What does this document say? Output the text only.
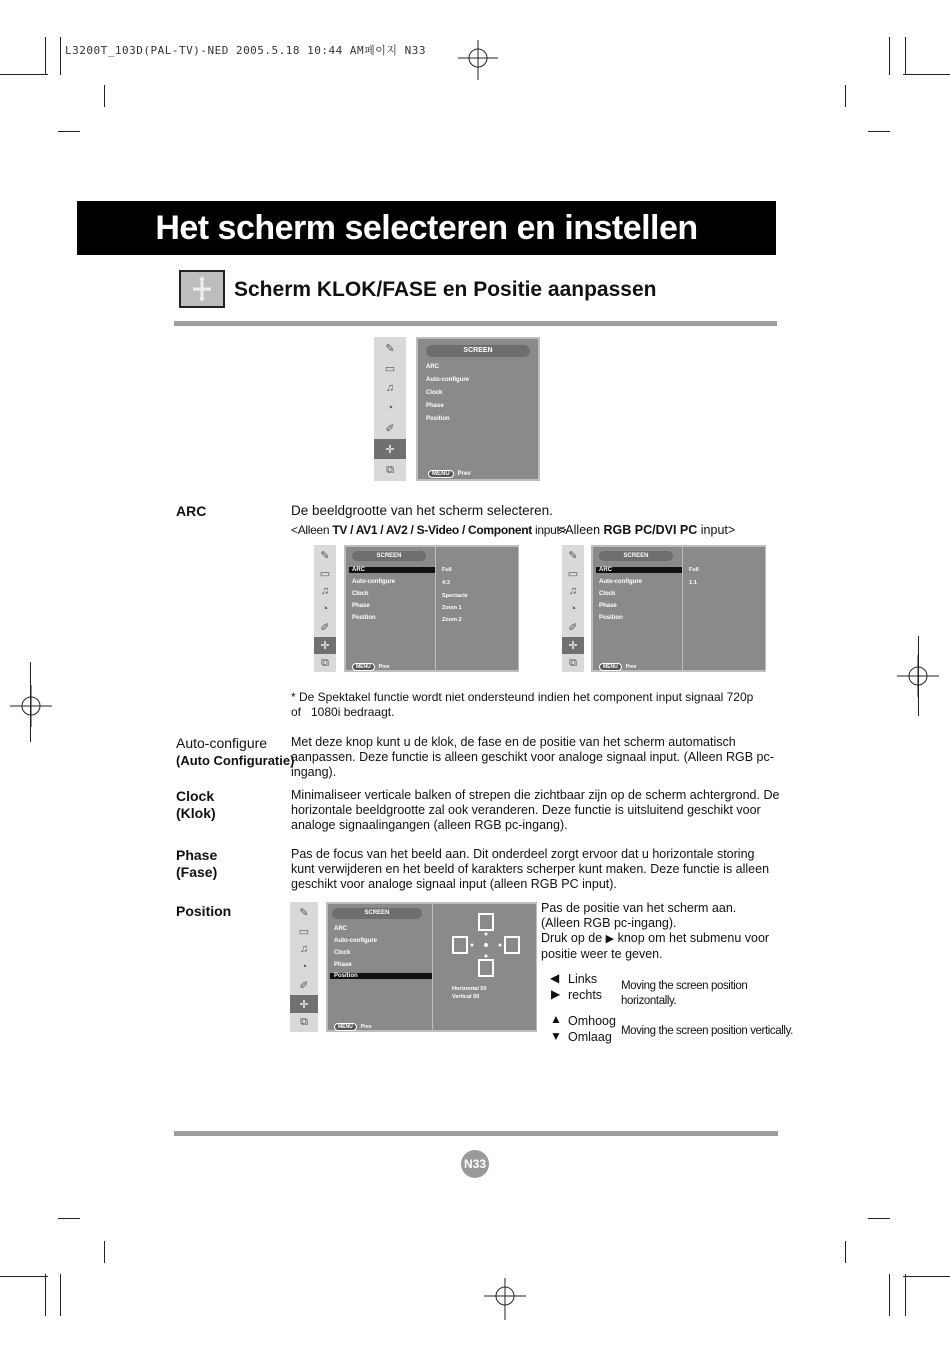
L3200T_103D(PAL-TV)-NED 2005.5.18 10:44 AM페이지 N33
Het scherm selecteren en instellen
Scherm KLOK/FASE en Positie aanpassen
✎
▭
♫
◔
✐
✛
⧉
SCREEN
ARC
Auto-configure
Clock
Phase
Position
MENU Prev
ARC	De beeldgrootte van het scherm selecteren.
<Alleen TV / AV1 / AV2 / S-Video / Component input>
<Alleen RGB PC/DVI PC input>
✎
▭
♫
◔
✐
✛
⧉
SCREEN
ARC
Auto-configure
Clock
Phase
Position
Full
4:3
Spectacle
Zoom 1
Zoom 2
MENU Prev
✎
▭
♫
◔
✐
✛
⧉
SCREEN
ARC
Auto-configure
Clock
Phase
Position
Full
1:1
MENU Prev
* De Spektakel functie wordt niet ondersteund indien het component input signaal 720p of   1080i bedraagt.
Auto-configure
(Auto Configuratie)
Met deze knop kunt u de klok, de fase en de positie van het scherm automatisch aanpassen. Deze functie is alleen geschikt voor analoge signaal input. (Alleen RGB pc-ingang).
Clock
(Klok)
Minimaliseer verticale balken of strepen die zichtbaar zijn op de scherm achtergrond. De horizontale beeldgrootte zal ook veranderen. Deze functie is uitsluitend geschikt voor analoge signaalingangen (alleen RGB pc-ingang).
Phase
(Fase)
Pas de focus van het beeld aan. Dit onderdeel zorgt ervoor dat u horizontale storing kunt verwijderen en het beeld of karakters scherper kunt maken. Deze functie is alleen geschikt voor analoge signaal input (alleen RGB PC input).
Position	✎
▭
♫
◔
✐
✛
⧉
SCREEN
ARC
Auto-configure
Clock
Phase
Position
Horizontal 50
Vertical 50
MENU Prev
Pas de positie van het scherm aan.
(Alleen RGB pc-ingang).
Druk op de ▶ knop om het submenu voor
positie weer te geven.
◀ Links
▶ rechts
Moving the screen position horizontally.
▲ Omhoog
▼ Omlaag Moving the screen position vertically.
N33
